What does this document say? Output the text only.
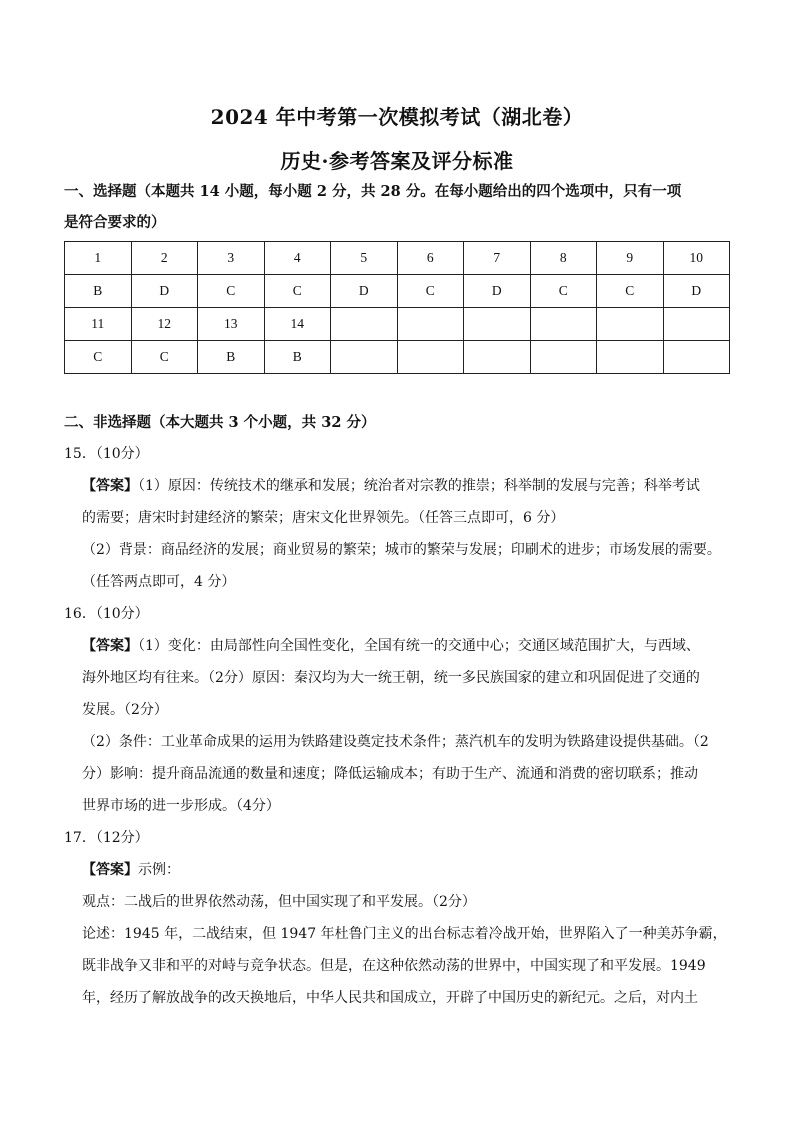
2024 年中考第一次模拟考试（湖北卷）
历史·参考答案及评分标准
一、选择题（本题共 14 小题，每小题 2 分，共 28 分。在每小题给出的四个选项中，只有一项
是符合要求的）
1	2	3	4	5	6	7	8	9	10
B	D	C	C	D	C	D	C	C	D
11	12	13	14						
C	C	B	B						
二、非选择题（本大题共 3 个小题，共 32 分）
15．（10分）
【答案】（1）原因：传统技术的继承和发展；统治者对宗教的推崇；科举制的发展与完善；科举考试
的需要；唐宋时封建经济的繁荣；唐宋文化世界领先。（任答三点即可，6 分）
（2）背景：商品经济的发展；商业贸易的繁荣；城市的繁荣与发展；印刷术的进步；市场发展的需要。
（任答两点即可，4 分）
16．（10分）
【答案】（1）变化：由局部性向全国性变化，全国有统一的交通中心；交通区域范围扩大，与西域、
海外地区均有往来。（2分）原因：秦汉均为大一统王朝，统一多民族国家的建立和巩固促进了交通的
发展。（2分）
（2）条件：工业革命成果的运用为铁路建设奠定技术条件；蒸汽机车的发明为铁路建设提供基础。（2
分）影响：提升商品流通的数量和速度；降低运输成本；有助于生产、流通和消费的密切联系；推动
世界市场的进一步形成。（4分）
17．（12分）
【答案】示例：
观点：二战后的世界依然动荡，但中国实现了和平发展。（2分）
论述：1945 年，二战结束，但 1947 年杜鲁门主义的出台标志着冷战开始，世界陷入了一种美苏争霸，
既非战争又非和平的对峙与竞争状态。但是，在这种依然动荡的世界中，中国实现了和平发展。1949
年，经历了解放战争的改天换地后，中华人民共和国成立，开辟了中国历史的新纪元。之后，对内土
